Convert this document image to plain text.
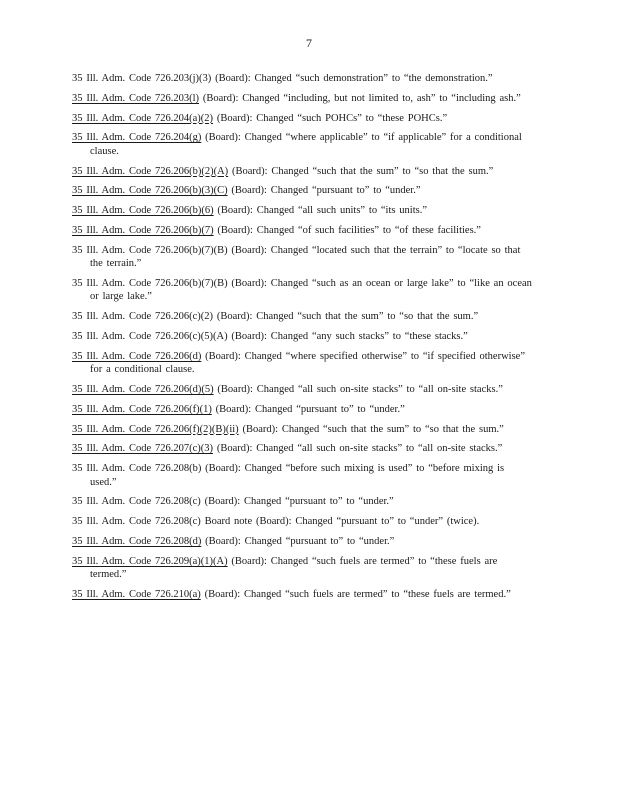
7

35 Ill. Adm. Code 726.203(j)(3) (Board): Changed “such demonstration” to “the demonstration.”

35 Ill. Adm. Code 726.203(l) (Board): Changed “including, but not limited to, ash” to “including ash.”

35 Ill. Adm. Code 726.204(a)(2) (Board): Changed “such POHCs” to “these POHCs.”

35 Ill. Adm. Code 726.204(g) (Board): Changed “where applicable” to “if applicable” for a conditional clause.

35 Ill. Adm. Code 726.206(b)(2)(A) (Board): Changed “such that the sum” to “so that the sum.”

35 Ill. Adm. Code 726.206(b)(3)(C) (Board): Changed “pursuant to” to “under.”

35 Ill. Adm. Code 726.206(b)(6) (Board): Changed “all such units” to “its units.”

35 Ill. Adm. Code 726.206(b)(7) (Board): Changed “of such facilities” to “of these facilities.”

35 Ill. Adm. Code 726.206(b)(7)(B) (Board): Changed “located such that the terrain” to “locate so that the terrain.”

35 Ill. Adm. Code 726.206(b)(7)(B) (Board): Changed “such as an ocean or large lake” to “like an ocean or large lake.”

35 Ill. Adm. Code 726.206(c)(2) (Board): Changed “such that the sum” to “so that the sum.”

35 Ill. Adm. Code 726.206(c)(5)(A) (Board): Changed “any such stacks” to “these stacks.”

35 Ill. Adm. Code 726.206(d) (Board): Changed “where specified otherwise” to “if specified otherwise” for a conditional clause.

35 Ill. Adm. Code 726.206(d)(5) (Board): Changed “all such on-site stacks” to “all on-site stacks.”

35 Ill. Adm. Code 726.206(f)(1) (Board): Changed “pursuant to” to “under.”

35 Ill. Adm. Code 726.206(f)(2)(B)(ii) (Board): Changed “such that the sum” to “so that the sum.”

35 Ill. Adm. Code 726.207(c)(3) (Board): Changed “all such on-site stacks” to “all on-site stacks.”

35 Ill. Adm. Code 726.208(b) (Board): Changed “before such mixing is used” to “before mixing is used.”

35 Ill. Adm. Code 726.208(c) (Board): Changed “pursuant to” to “under.”

35 Ill. Adm. Code 726.208(c) Board note (Board): Changed “pursuant to” to “under” (twice).

35 Ill. Adm. Code 726.208(d) (Board): Changed “pursuant to” to “under.”

35 Ill. Adm. Code 726.209(a)(1)(A) (Board): Changed “such fuels are termed” to “these fuels are termed.”

35 Ill. Adm. Code 726.210(a) (Board): Changed “such fuels are termed” to “these fuels are termed.”
